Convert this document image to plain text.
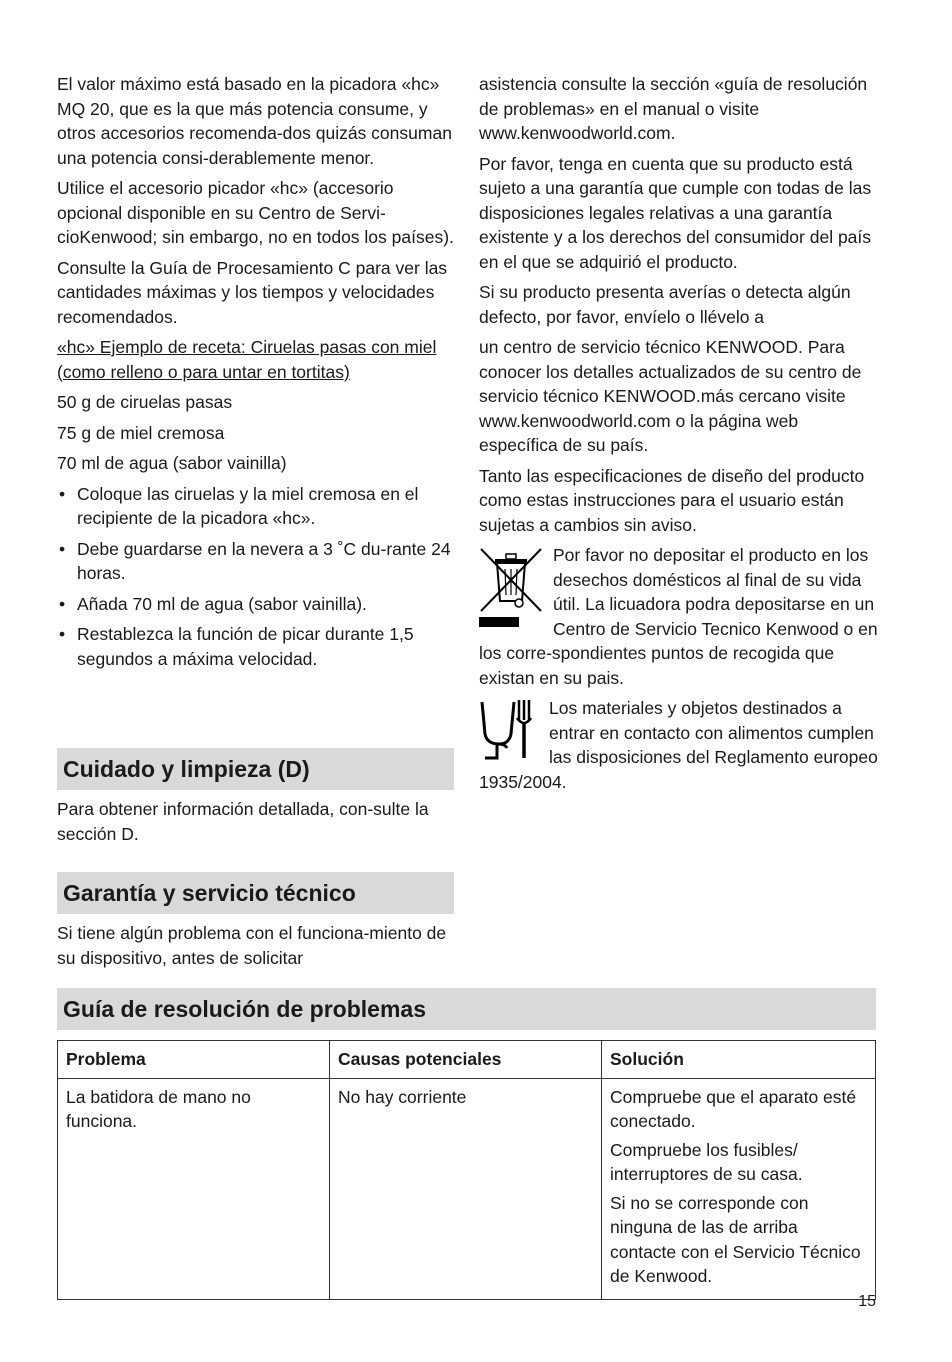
El valor máximo está basado en la picadora «hc» MQ 20, que es la que más potencia consume, y otros accesorios recomenda-dos quizás consuman una potencia consi-derablemente menor.

Utilice el accesorio picador «hc» (accesorio opcional disponible en su Centro de Servi-cioKenwood; sin embargo, no en todos los países).

Consulte la Guía de Procesamiento C para ver las cantidades máximas y los tiempos y velocidades recomendados.

«hc» Ejemplo de receta: Ciruelas pasas con miel (como relleno o para untar en tortitas)

50 g de ciruelas pasas

75 g de miel cremosa

70 ml de agua (sabor vainilla)

• Coloque las ciruelas y la miel cremosa en el recipiente de la picadora «hc».
• Debe guardarse en la nevera a 3 ˚C du-rante 24 horas.
• Añada 70 ml de agua (sabor vainilla).
• Restablezca la función de picar durante 1,5 segundos a máxima velocidad.
Cuidado y limpieza (D)

Para obtener información detallada, con-sulte la sección D.

Garantía y servicio técnico

Si tiene algún problema con el funciona-miento de su dispositivo, antes de solicitar

asistencia consulte la sección «guía de resolución de problemas» en el manual o visite www.kenwoodworld.com.

Por favor, tenga en cuenta que su producto está sujeto a una garantía que cumple con todas de las disposiciones legales relativas a una garantía existente y a los derechos del consumidor del país en el que se adquirió el producto.

Si su producto presenta averías o detecta algún defecto, por favor, envíelo o llévelo a

un centro de servicio técnico KENWOOD. Para conocer los detalles actualizados de su centro de servicio técnico KENWOOD.más cercano visite www.kenwoodworld.com o la página web específica de su país.

Tanto las especificaciones de diseño del producto como estas instrucciones para el usuario están sujetas a cambios sin aviso.

Por favor no depositar el producto en los desechos domésticos al final de su vida útil. La licuadora podra depositarse en un Centro de Servicio Tecnico Kenwood o en los corre-spondientes puntos de recogida que existan en su pais.

Los materiales y objetos destinados a entrar en contacto con alimentos cumplen las disposiciones del Reglamento europeo 1935/2004.

Guía de resolución de problemas
Problema	Causas potenciales	Solución
La batidora de mano no funciona.	No hay corriente	Compruebe que el aparato esté conectado.

Compruebe los fusibles/ interruptores de su casa.

Si no se corresponde con ninguna de las de arriba contacte con el Servicio Técnico de Kenwood.

15
